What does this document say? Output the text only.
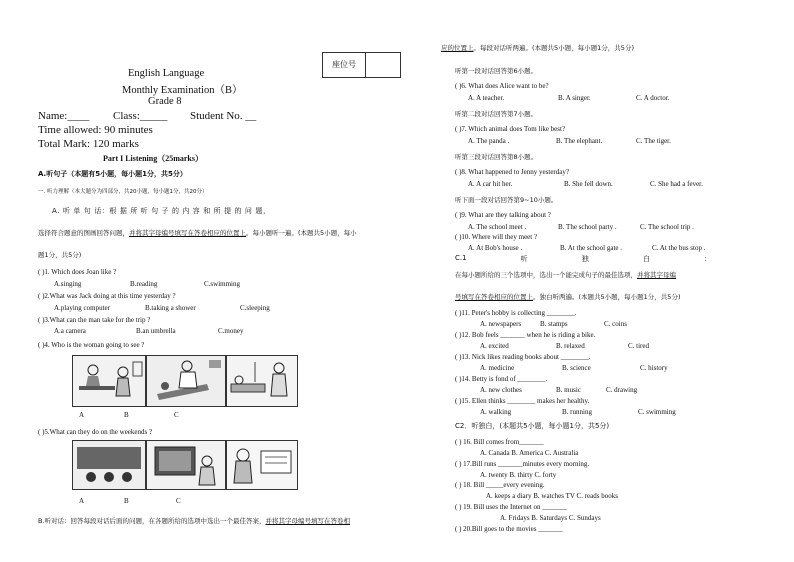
座位号
English Language
Monthly Examination（B）
Grade 8
Name:____ Class:_____ Student No. __
Time allowed: 90 minutes
Total Mark: 120 marks
Part I Listening（25marks）
A.听句子（本题有5小题，每小题1分，共5分）
一. 听力理解（本大题分为四部分，共20小题，每小题1分，共20分）
A. 听 单 句 话：根 据 所 听 句 子 的 内 容 和 所 提 的 问 题，
选择符合题意的图画回答问题，并将其字母编号填写在答卷相应的位置上。每小题听一遍。(本题共5小题，每小
题1分，共5分)
( )1. Which does Joan like ?
A.singing	B.reading	C.swimming
( )2.What was Jack doing at this time yesterday ?
A.playing computer	B.taking a shower	C.sleeping
( )3.What can the man take for the trip ?
A.a camera	B.an umbrella	C.money
( )4. Who is the woman going to see ?
A	B	C
( )5.What can they do on the weekends ?
A	B	C
B.听对话：回答每段对话后面的问题，在各题所给的选项中选出一个最佳答案，并将其字母编号填写在答卷相
应的位置上。每段对话听两遍。(本题共5小题，每小题1分，共5分)
听第一段对话回答第6小题。
( )6. What does Alice want to be?
A. A teacher.	B. A singer.	C. A doctor.
听第二段对话回答第7小题。
( )7. Which animal does Tom like best?
A. The panda .	B. The elephant.	C. The tiger.
听第三段对话回答第8小题。
( )8. What happened to Jenny yesterday?
A. A car hit her.	B. She fell down.	C. She had a fever.
听下面一段对话回答第9~10小题。
( )9. What are they talking about ?
A. The school meet .	B. The school party .	C. The school trip .
( )10. Where will they meet ?
A. At Bob's house .	B. At the school gate .	C. At the bus stop .
C.1	听	独	白	：
在每小题所给的三个选项中，选出一个能完成句子的最佳选项，并将其字母编
号填写在答卷相应的位置上。独白听两遍。(本题共5小题，每小题1分，共5分)
( )11. Peter's hobby is collecting ________.
A. newspapers	B. stamps	C. coins
( )12. Bob feels _______ when he is riding a bike.
A. excited	B. relaxed	C. tired
( )13. Nick likes reading books about ________.
A. medicine	B. science	C. history
( )14. Betty is fond of ________.
A. new clothes	B. music	C. drawing
( )15. Ellen thinks ________ makes her healthy.
A. walking	B. running	C. swimming
C2．听独白，(本题共5小题，每小题1分，共5分)
( ) 16. Bill comes from_______
A. Canada B. America C. Australia
( ) 17.Bill runs _______minutes every morning.
A. twenty B. thirty C. forty
( ) 18. Bill _____every evening.
A. keeps a diary B. watches TV C. reads books
( ) 19. Bill uses the Internet on _______
A. Fridays B. Saturdays C. Sundays
( ) 20.Bill goes to the movies _______
